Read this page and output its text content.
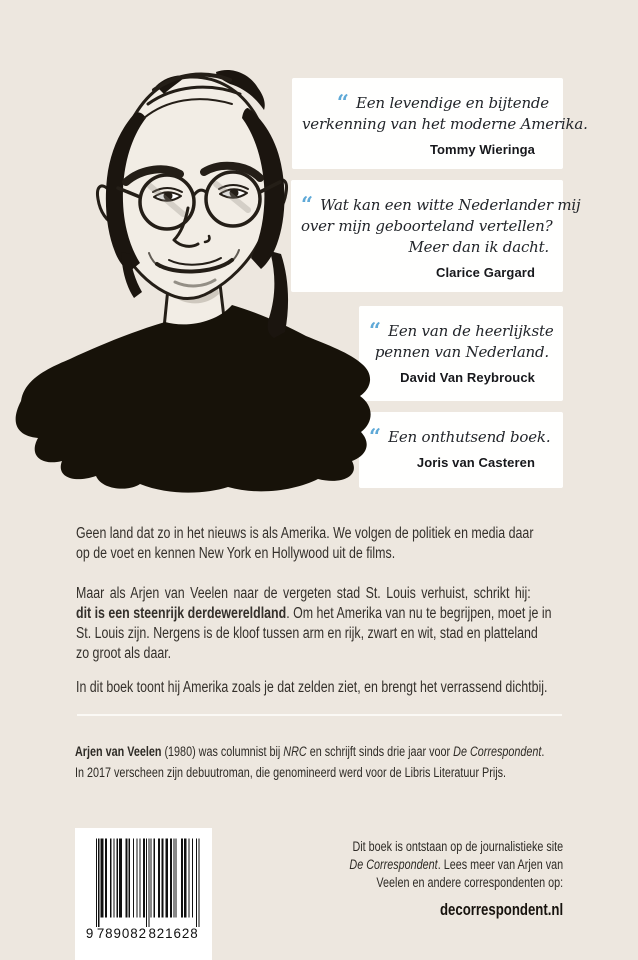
“ Een levendige en bijtende
verkenning van het moderne Amerika.
Tommy Wieringa
“ Wat kan een witte Nederlander mij
over mijn geboorteland vertellen?
Meer dan ik dacht.
Clarice Gargard
“ Een van de heerlijkste
pennen van Nederland.
David Van Reybrouck
“ Een onthutsend boek.
Joris van Casteren
Geen land dat zo in het nieuws is als Amerika. We volgen de politiek en media daar
op de voet en kennen New York en Hollywood uit de films.
Maar als Arjen van Veelen naar de vergeten stad St. Louis verhuist, schrikt hij:
dit is een steenrijk derdewereldland. Om het Amerika van nu te begrijpen, moet je in
St. Louis zijn. Nergens is de kloof tussen arm en rijk, zwart en wit, stad en platteland
zo groot als daar.
In dit boek toont hij Amerika zoals je dat zelden ziet, en brengt het verrassend dichtbij.
Arjen van Veelen (1980) was columnist bij NRC en schrijft sinds drie jaar voor De Correspondent.
In 2017 verscheen zijn debuutroman, die genomineerd werd voor de Libris Literatuur Prijs.
9 789082 821628
Dit boek is ontstaan op de journalistieke site
De Correspondent. Lees meer van Arjen van
Veelen en andere correspondenten op:
decorrespondent.nl
